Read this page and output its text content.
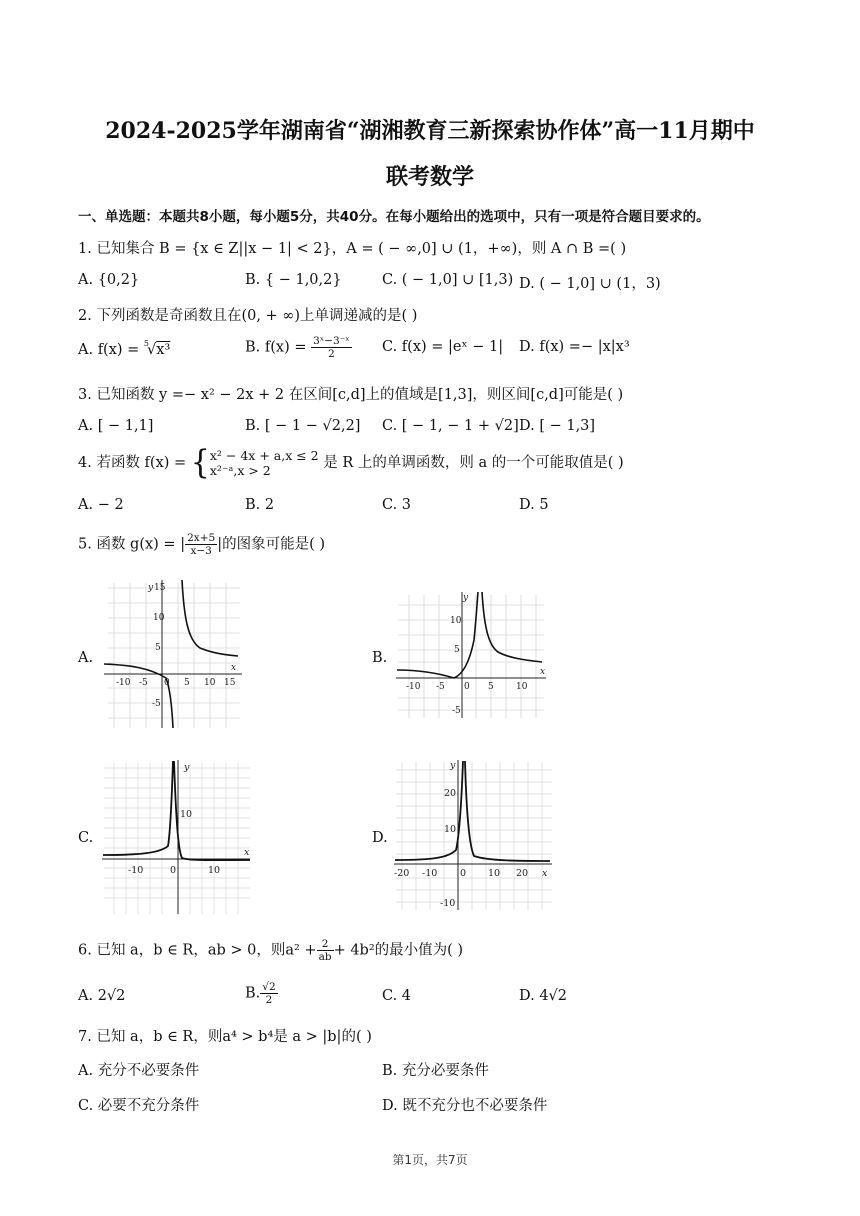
2024-2025学年湖南省“湖湘教育三新探索协作体”高一11月期中
联考数学
一、单选题：本题共8小题，每小题5分，共40分。在每小题给出的选项中，只有一项是符合题目要求的。
1. 已知集合 B = {x ∈ Z||x − 1| < 2}，A = ( − ∞,0] ∪ (1，+∞)，则 A ∩ B =( )
A. {0,2}	B. { − 1,0,2}	C. ( − 1,0] ∪ [1,3) D. ( − 1,0] ∪ (1，3)
2. 下列函数是奇函数且在(0, + ∞)上单调递减的是( )
A. f(x) = $^5$√x³	B. $f(x) = \frac{\text{3ˣ−3⁻ˣ}}{2} C$. f(x) = |eˣ − 1| D. f(x) =− |x|x³
3. 已知函数 y =− x² − 2x + 2 在区间[c,d]上的值域是[1,3]，则区间[c,d]可能是( )
A. [ − 1,1]	B. [ − 1 − √2,2] C. [ − 1, − 1 + √2] D. [ − 1,3]
4. 若函数 f(x) = { x² − 4x + a,x ≤ 2
x²⁻ᵃ,x > 2	是 R 上的单调函数，则 a 的一个可能取值是( )
A. − 2	B. 2	C. 3	D. 5
5. 函数 g(x) = | $\frac{2x+5}{x-3}$ |的图象可能是( )
A.	B.
C.	D.
y
x
15
10
5
-5
-10 -5 0 5 10 15
y
x
10
5
-5
-10 -5 0 5 10
y
x
10
-10	0	10
y
x
20
10
-10
-20 -10 0 10 20
6. 已知 a，b ∈ R，ab > 0，则$a^2 + \frac{2}{ab} + 4b^2$的最小值为( )
A. 2√2	B. $\frac{√2}{2}$	C. 4	D. 4√2
7. 已知 a，b ∈ R，则a⁴ > b⁴是 a > |b|的( )
A. 充分不必要条件	B. 充分必要条件
C. 必要不充分条件	D. 既不充分也不必要条件
第1页，共7页
